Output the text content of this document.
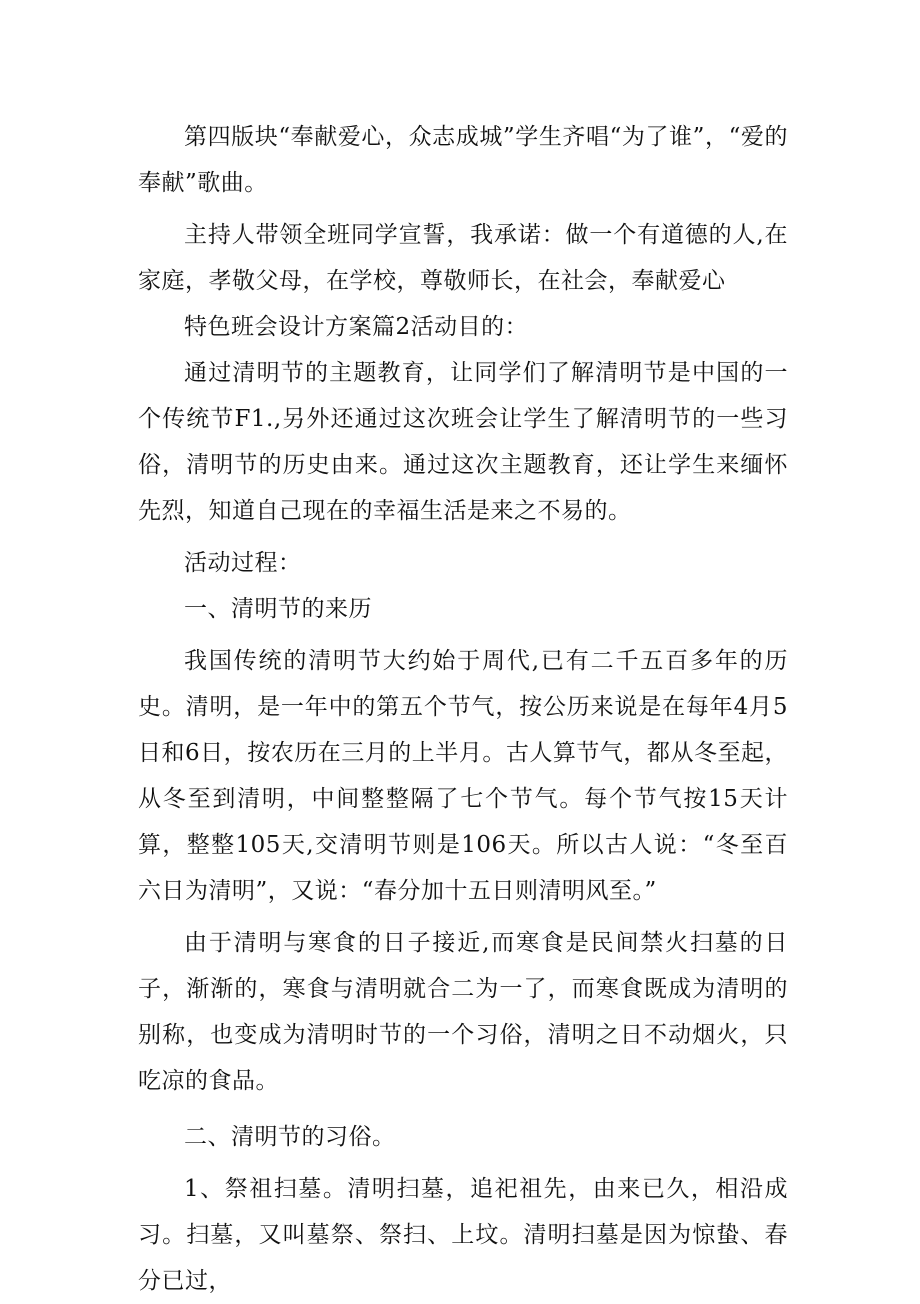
第四版块“奉献爱心，众志成城”学生齐唱“为了谁”，“爱的奉献”歌曲。

主持人带领全班同学宣誓，我承诺：做一个有道德的人,在家庭，孝敬父母，在学校，尊敬师长，在社会，奉献爱心

特色班会设计方案篇2活动目的：

通过清明节的主题教育，让同学们了解清明节是中国的一个传统节F1.,另外还通过这次班会让学生了解清明节的一些习俗，清明节的历史由来。通过这次主题教育，还让学生来缅怀先烈，知道自己现在的幸福生活是来之不易的。

活动过程：

一、清明节的来历

我国传统的清明节大约始于周代,已有二千五百多年的历史。清明，是一年中的第五个节气，按公历来说是在每年4月5日和6日，按农历在三月的上半月。古人算节气，都从冬至起，从冬至到清明，中间整整隔了七个节气。每个节气按15天计算，整整105天,交清明节则是106天。所以古人说：“冬至百六日为清明”，又说：“春分加十五日则清明风至。”

由于清明与寒食的日子接近,而寒食是民间禁火扫墓的日子，渐渐的，寒食与清明就合二为一了，而寒食既成为清明的别称，也变成为清明时节的一个习俗，清明之日不动烟火，只吃凉的食品。

二、清明节的习俗。

1、祭祖扫墓。清明扫墓，追祀祖先，由来已久，相沿成习。扫墓，又叫墓祭、祭扫、上坟。清明扫墓是因为惊蛰、春分已过，
